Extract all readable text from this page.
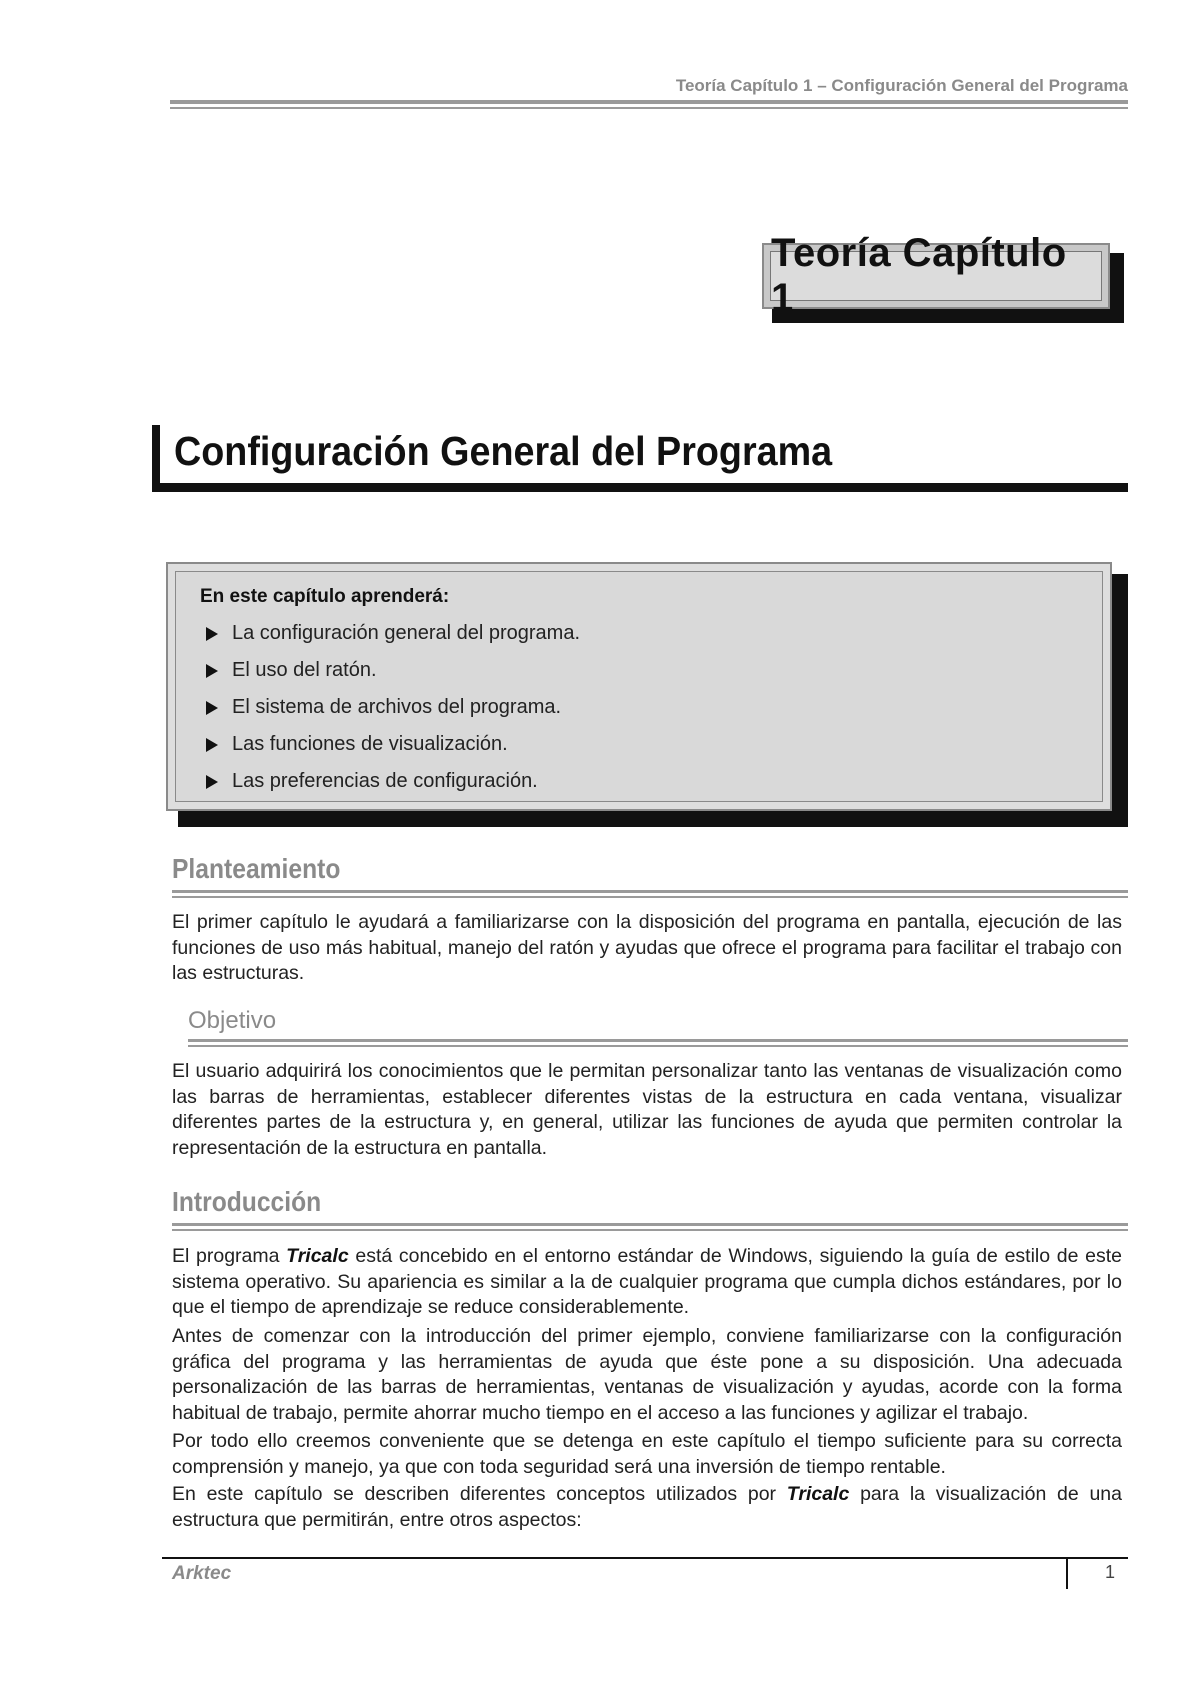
Teoría Capítulo 1 – Configuración General del Programa
Teoría Capítulo 1
Configuración General del Programa
En este capítulo aprenderá:
La configuración general del programa.
El uso del ratón.
El sistema de archivos del programa.
Las funciones de visualización.
Las preferencias de configuración.
Planteamiento

El primer capítulo le ayudará a familiarizarse con la disposición del programa en pantalla, ejecución de las funciones de uso más habitual, manejo del ratón y ayudas que ofrece el programa para facilitar el trabajo con las estructuras.

Objetivo

El usuario adquirirá los conocimientos que le permitan personalizar tanto las ventanas de visualización como las barras de herramientas, establecer diferentes vistas de la estructura en cada ventana, visualizar diferentes partes de la estructura y, en general, utilizar las funciones de ayuda que permiten controlar la representación de la estructura en pantalla.

Introducción

El programa Tricalc está concebido en el entorno estándar de Windows, siguiendo la guía de estilo de este sistema operativo. Su apariencia es similar a la de cualquier programa que cumpla dichos estándares, por lo que el tiempo de aprendizaje se reduce considerablemente.

Antes de comenzar con la introducción del primer ejemplo, conviene familiarizarse con la configuración gráfica del programa y las herramientas de ayuda que éste pone a su disposición. Una adecuada personalización de las barras de herramientas, ventanas de visualización y ayudas, acorde con la forma habitual de trabajo, permite ahorrar mucho tiempo en el acceso a las funciones y agilizar el trabajo.

Por todo ello creemos conveniente que se detenga en este capítulo el tiempo suficiente para su correcta comprensión y manejo, ya que con toda seguridad será una inversión de tiempo rentable.

En este capítulo se describen diferentes conceptos utilizados por Tricalc para la visualización de una estructura que permitirán, entre otros aspectos:

Arktec	1
